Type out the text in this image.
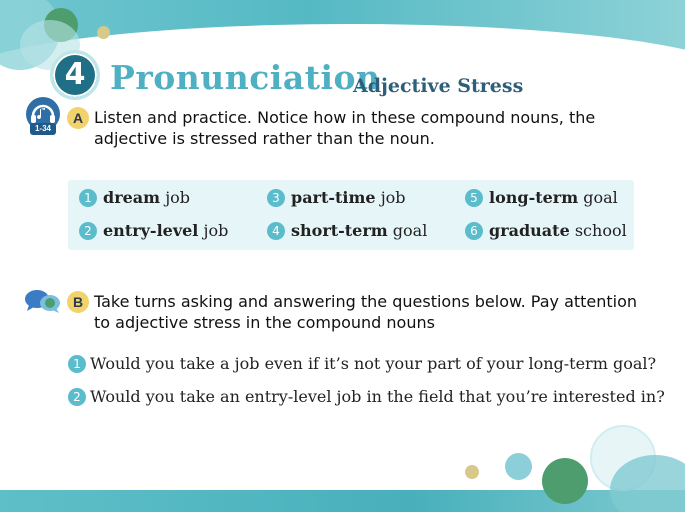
4 Pronunciation
Adjective Stress
1-34
A Listen and practice. Notice how in these compound nouns, the
adjective is stressed rather than the noun.
1 dream job
2 entry-level job
3 part-time job
4 short-term goal
5 long-term goal
6 graduate school
B Take turns asking and answering the questions below. Pay attention
to adjective stress in the compound nouns
1 Would you take a job even if it’s not your part of your long-term goal?
2 Would you take an entry-level job in the field that you’re interested in?
